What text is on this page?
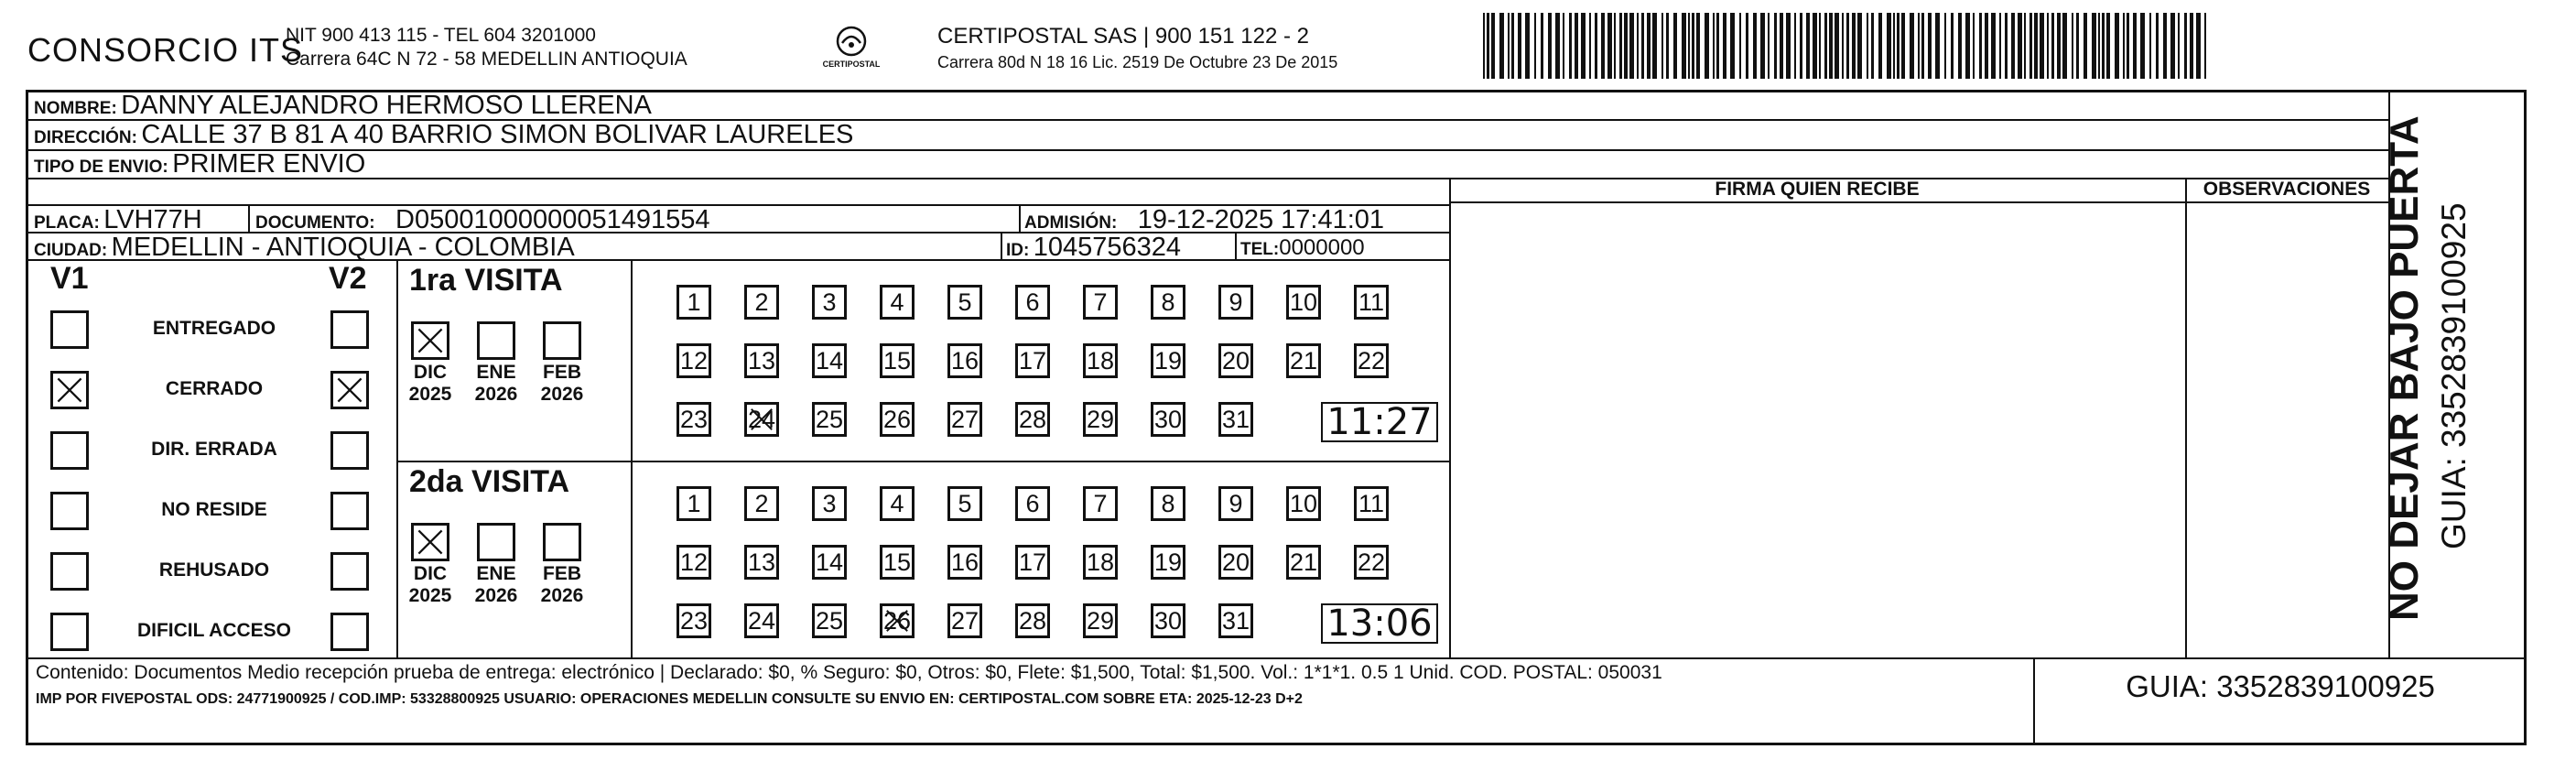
CONSORCIO ITS
NIT 900 413 115 - TEL 604 3201000
Carrera 64C N 72 - 58 MEDELLIN ANTIOQUIA	CERTIPOSTAL
CERTIPOSTAL SAS | 900 151 122 - 2
Carrera 80d N 18 16 Lic. 2519 De Octubre 23 De 2015
NOMBRE: DANNY ALEJANDRO HERMOSO LLERENA
DIRECCIÓN: CALLE 37 B 81 A 40 BARRIO SIMON BOLIVAR LAURELES
TIPO DE ENVIO: PRIMER ENVIO
PLACA: LVH77H	DOCUMENTO: D05001000000051491554	ADMISIÓN: 19-12-2025 17:41:01
CIUDAD: MEDELLIN - ANTIOQUIA - COLOMBIA	ID: 1045756324	TEL:0000000
FIRMA QUIEN RECIBE	OBSERVACIONES
V1	V2
ENTREGADO
CERRADO
DIR. ERRADA
NO RESIDE
REHUSADO
DIFICIL ACCESO
1ra VISITA
DIC
2025
ENE
2026
FEB
2026
1	2	3	4	5	6	7	8	9	10 11
12 13 14 15 16 17 18 19 20 21 22
23 24 25 26 27 28 29 30 31 11:27
2da VISITA
DIC
2025
ENE
2026
FEB
2026
1	2	3	4	5	6	7	8	9	10 11
12 13 14 15 16 17 18 19 20 21 22
23 24 25 26 27 28 29 30 31 13:06
Contenido: Documentos Medio recepción prueba de entrega: electrónico | Declarado: $0, % Seguro: $0, Otros: $0, Flete: $1,500, Total: $1,500. Vol.: 1*1*1. 0.5 1 Unid. COD. POSTAL: 050031
IMP POR FIVEPOSTAL ODS: 24771900925 / COD.IMP: 53328800925 USUARIO: OPERACIONES MEDELLIN CONSULTE SU ENVIO EN: CERTIPOSTAL.COM SOBRE ETA: 2025-12-23 D+2	GUIA: 3352839100925
NO DEJAR BAJO PUERTA GUIA: 3352839100925
